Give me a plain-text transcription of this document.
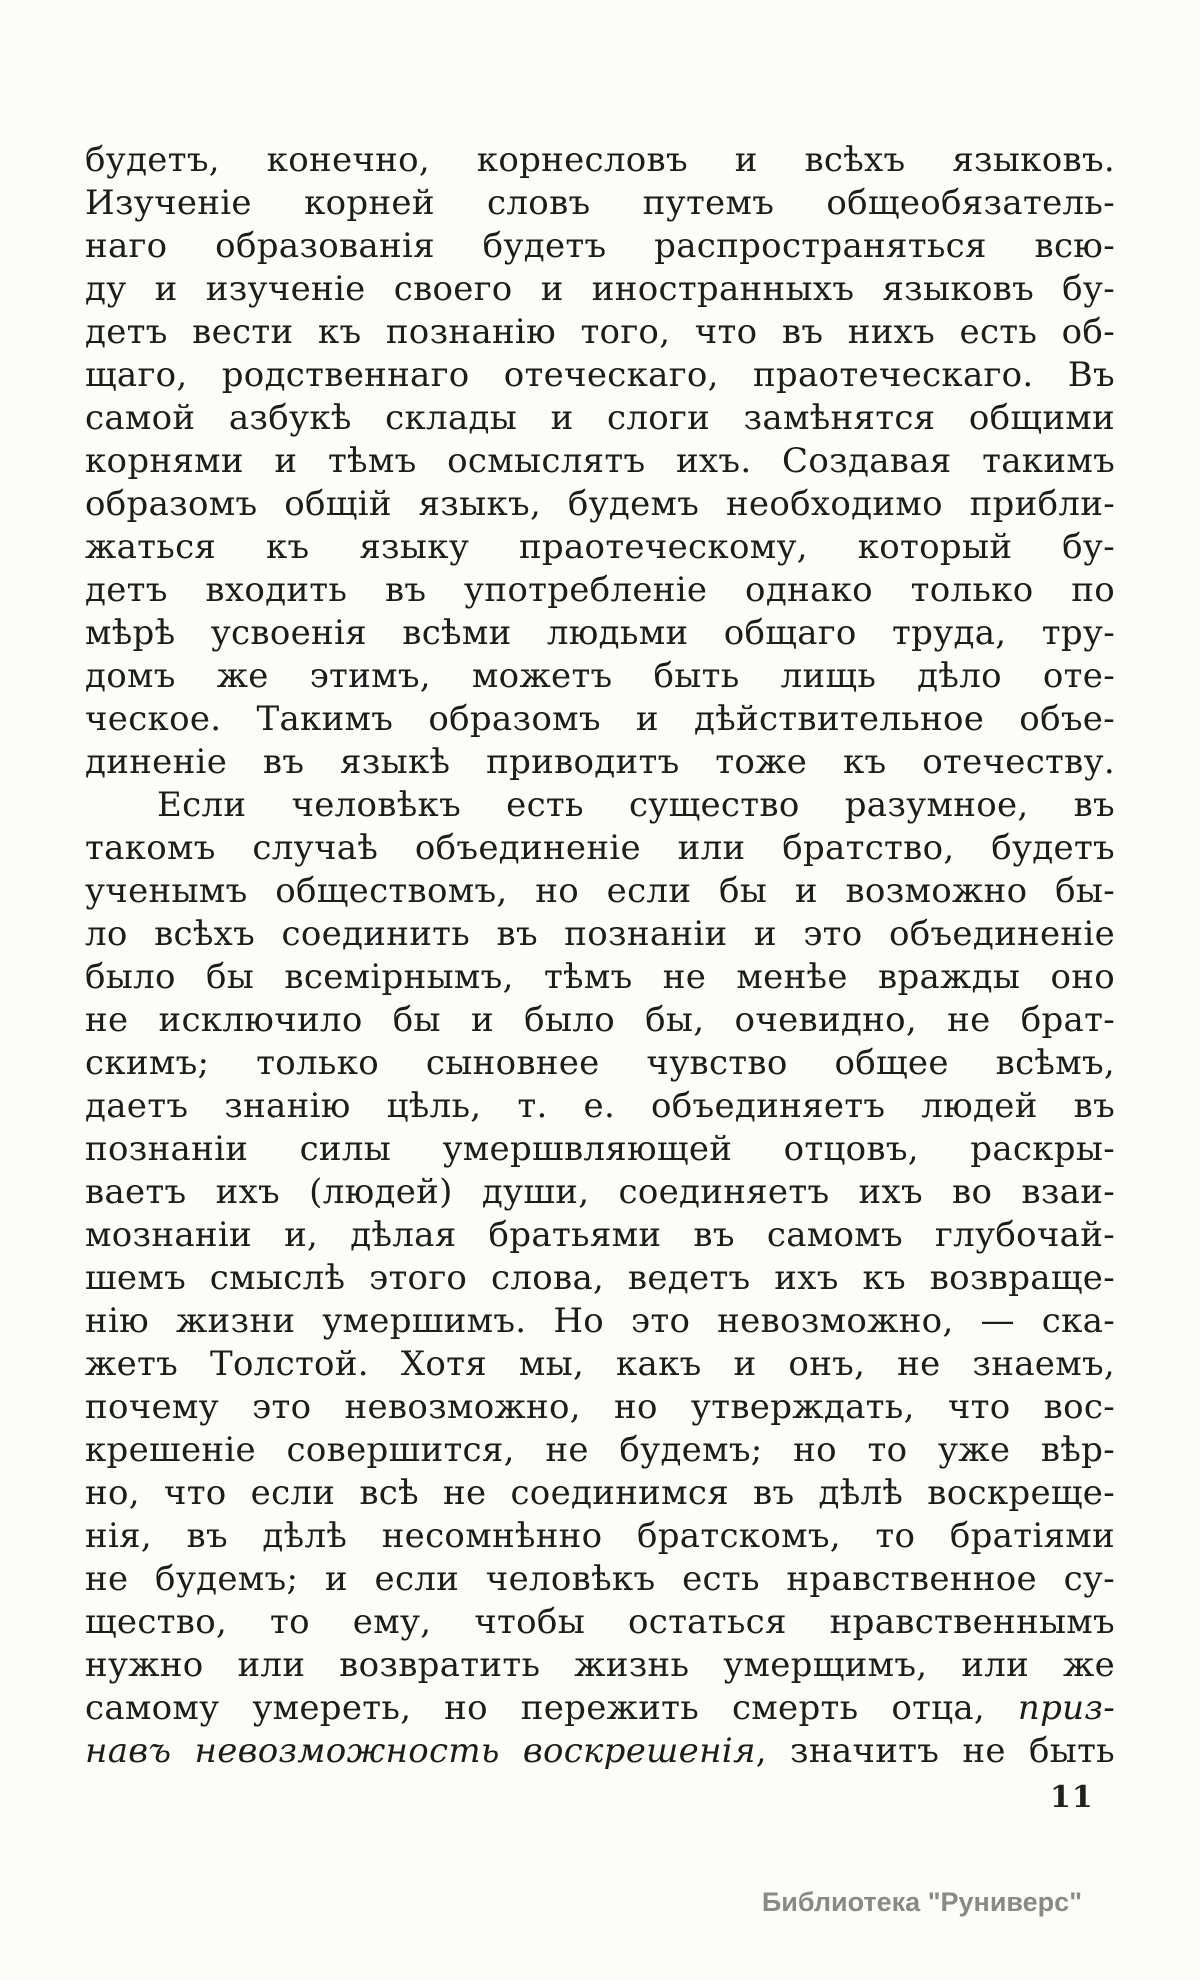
будетъ, конечно, корнесловъ и всѣхъ языковъ.
Изученіе корней словъ путемъ общеобязатель-
наго образованія будетъ распространяться всю-
ду и изученіе своего и иностранныхъ языковъ бу-
детъ вести къ познанію того, что въ нихъ есть об-
щаго, родственнаго отеческаго, праотеческаго. Въ
самой азбукѣ склады и слоги замѣнятся общими
корнями и тѣмъ осмыслятъ ихъ. Создавая такимъ
образомъ общій языкъ, будемъ необходимо прибли-
жаться къ языку праотеческому, который бу-
детъ входить въ употребленіе однако только по
мѣрѣ усвоенія всѣми людьми общаго труда, тру-
домъ же этимъ, можетъ быть лищь дѣло оте-
ческое. Такимъ образомъ и дѣйствительное объе-
диненіе въ языкѣ приводитъ тоже къ отечеству.
Если человѣкъ есть существо разумное, въ
такомъ случаѣ объединеніе или братство, будетъ
ученымъ обществомъ, но если бы и возможно бы-
ло всѣхъ соединить въ познаніи и это объединеніе
было бы всемірнымъ, тѣмъ не менѣе вражды оно
не исключило бы и было бы, очевидно, не брат-
скимъ; только сыновнее чувство общее всѣмъ,
даетъ знанію цѣль, т. е. объединяетъ людей въ
познаніи силы умершвляющей отцовъ, раскры-
ваетъ ихъ (людей) души, соединяетъ ихъ во взаи-
мознаніи и, дѣлая братьями въ самомъ глубочай-
шемъ смыслѣ этого слова, ведетъ ихъ къ возвраще-
нію жизни умершимъ. Но это невозможно, — ска-
жетъ Толстой. Хотя мы, какъ и онъ, не знаемъ,
почему это невозможно, но утверждать, что вос-
крешеніе совершится, не будемъ; но то уже вѣр-
но, что если всѣ не соединимся въ дѣлѣ воскреще-
нія, въ дѣлѣ несомнѣнно братскомъ, то братіями
не будемъ; и если человѣкъ есть нравственное су-
щество, то ему, чтобы остаться нравственнымъ
нужно или возвратить жизнь умерщимъ, или же
самому умереть, но пережить смерть отца, приз-
навъ невозможность воскрешенія, значитъ не быть
11
Библиотека "Руниверс"
